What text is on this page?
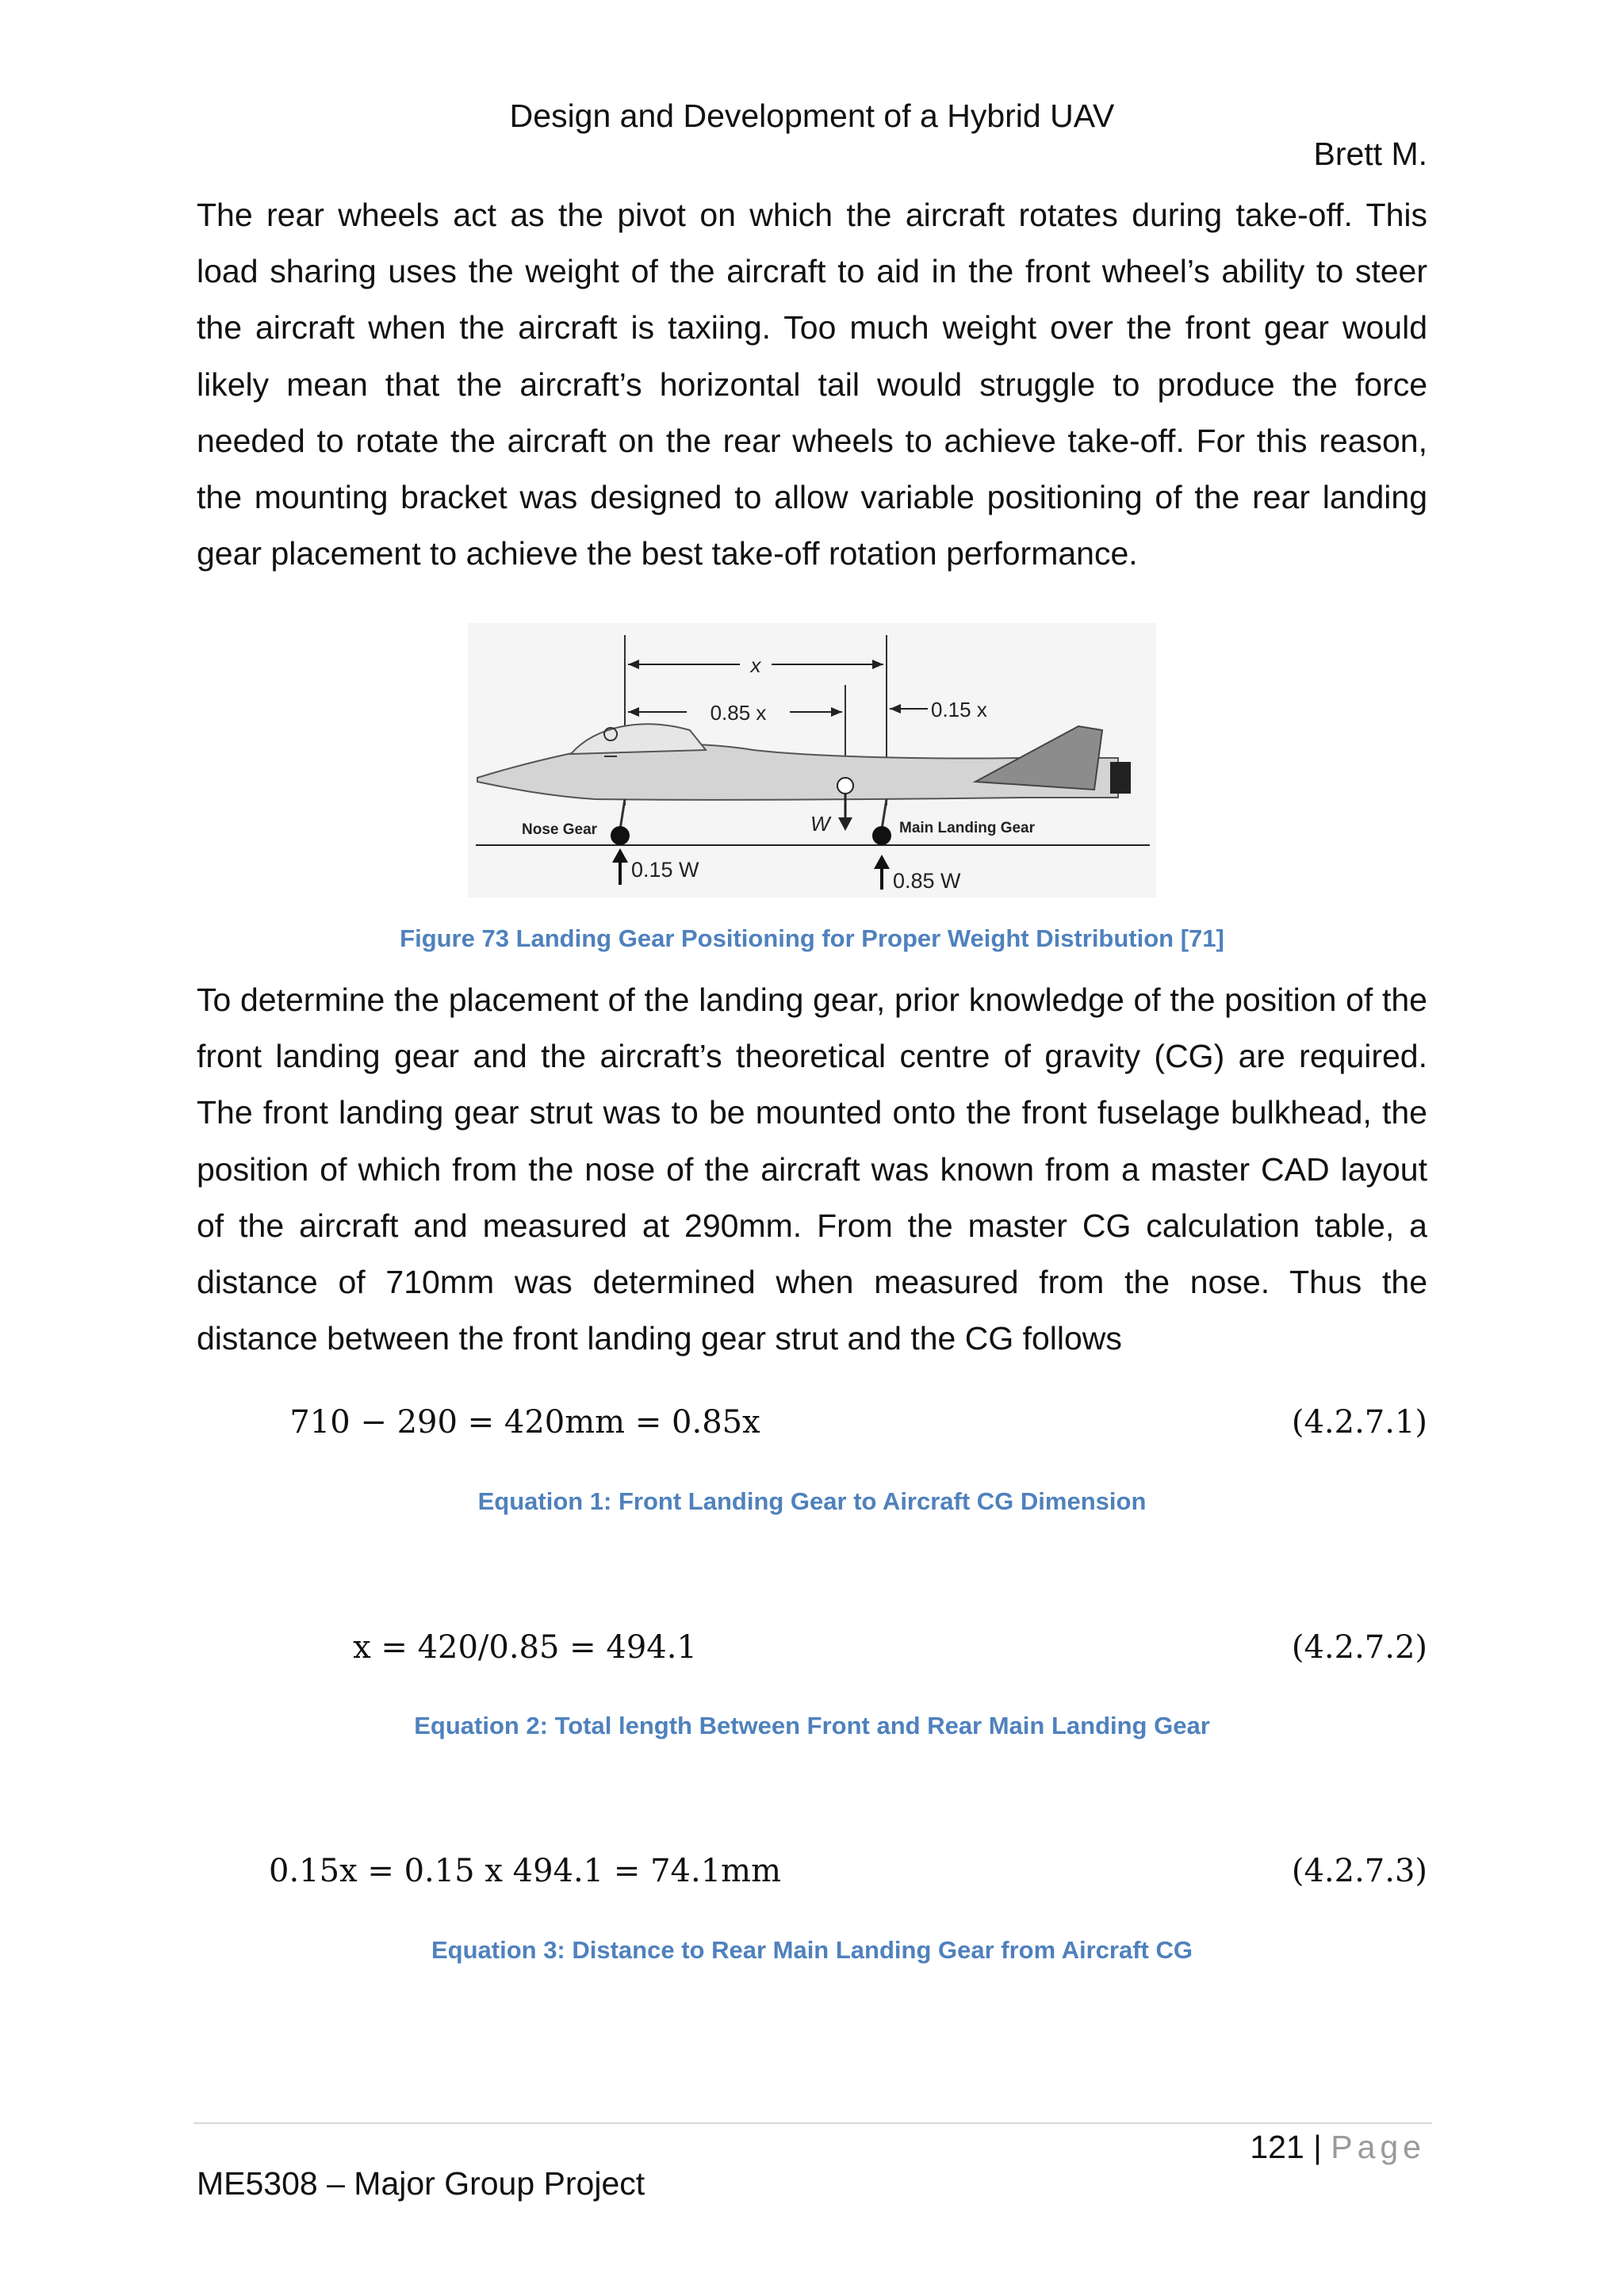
Design and Development of a Hybrid UAV
Brett M.

The rear wheels act as the pivot on which the aircraft rotates during take-off. This load sharing uses the weight of the aircraft to aid in the front wheel’s ability to steer the aircraft when the aircraft is taxiing. Too much weight over the front gear would likely mean that the aircraft’s horizontal tail would struggle to produce the force needed to rotate the aircraft on the rear wheels to achieve take-off. For this reason, the mounting bracket was designed to allow variable positioning of the rear landing gear placement to achieve the best take-off rotation performance.

x
0.85 x	0.15 x
W
Nose Gear	Main Landing Gear
0.15 W	0.85 W
Figure 73 Landing Gear Positioning for Proper Weight Distribution [71]

To determine the placement of the landing gear, prior knowledge of the position of the front landing gear and the aircraft’s theoretical centre of gravity (CG) are required. The front landing gear strut was to be mounted onto the front fuselage bulkhead, the position of which from the nose of the aircraft was known from a master CAD layout of the aircraft and measured at 290mm. From the master CG calculation table, a distance of 710mm was determined when measured from the nose. Thus the distance between the front landing gear strut and the CG follows

710 − 290 = 420mm = 0.85x	(4.2.7.1)
Equation 1: Front Landing Gear to Aircraft CG Dimension
x = 420/0.85 = 494.1	(4.2.7.2)
Equation 2: Total length Between Front and Rear Main Landing Gear
0.15x = 0.15 x 494.1 = 74.1mm	(4.2.7.3)
Equation 3: Distance to Rear Main Landing Gear from Aircraft CG
121 | Page
ME5308 – Major Group Project
